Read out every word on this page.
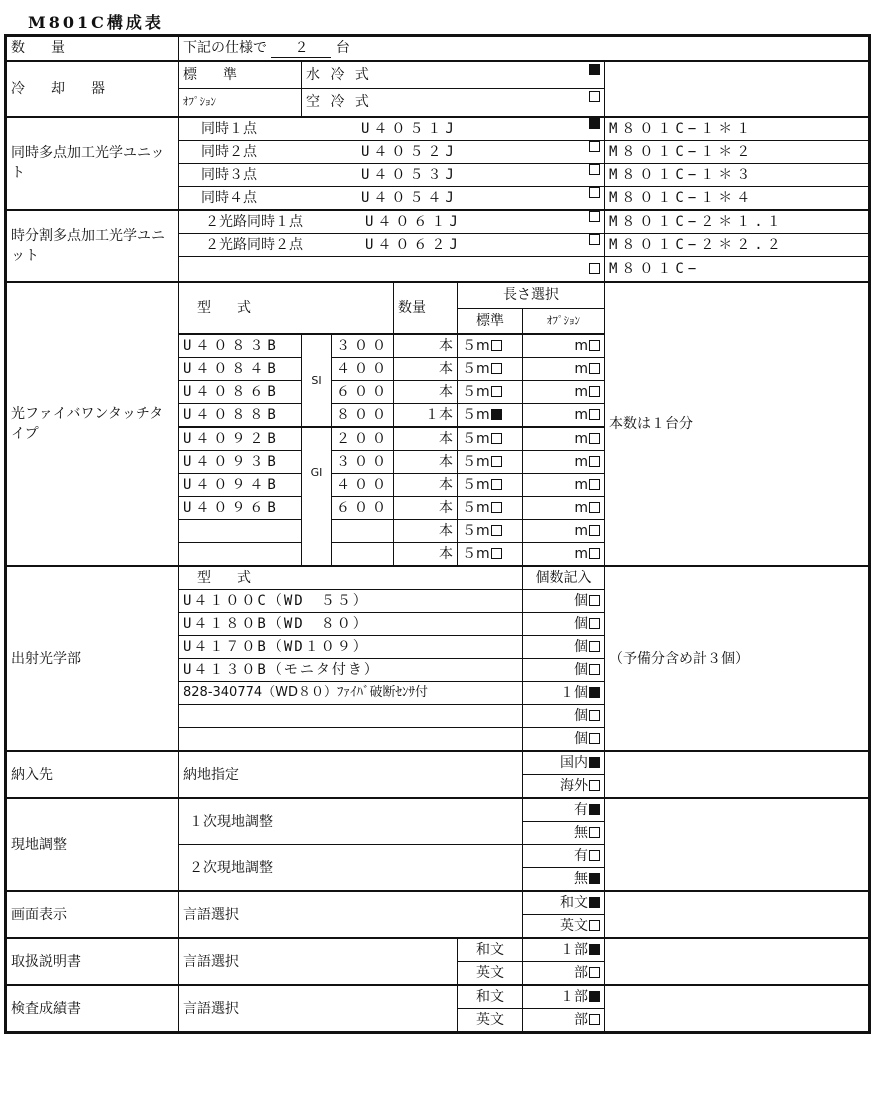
M801C構成表
数　量	下記の仕様で ２ 台						
冷　却　器	標　準	水 冷 式				

	ｵﾌﾟｼｮﾝ	空 冷 式					

同時多点加工光学ユニット	同時１点 U４０５１J						M８０１C−１＊１
	同時２点 U４０５２J						M８０１C−１＊２
	同時３点 U４０５３J						M８０１C−１＊３
	同時４点 U４０５４J						M８０１C−１＊４
時分割多点加工光学ユニット	２光路同時１点 U４０６１J						M８０１C−２＊１.１
	２光路同時２点 U４０６２J						M８０１C−２＊２.２

							M８０１C−
光ファイバワンタッチタイプ	型　式			数量	長さ選択		本数は１台分
					標準	ｵﾌﾟｼｮﾝ	
	U４０８３B	SI	３００	本	５m	m	
	U４０８４B		４００	本	５m	m	
	U４０８６B		６００	本	５m	m	
	U４０８８B		８００	１本	５m	m	
	U４０９２B	GI	２００	本	５m	m	
	U４０９３B		３００	本	５m	m	
	U４０９４B		４００	本	５m	m	
	U４０９６B		６００	本	５m	m	
				本	５m	m	
				本	５m	m	
出射光学部	型　式					個数記入	（予備分含め計３個）
	U４１００C（WD　５５）					個	
	U４１８０B（WD　８０）					個	
	U４１７０B（WD１０９）					個	
	U４１３０B（モニタ付き）					個	
	828-340774（WD８０）ﾌｧｲﾊﾞ破断ｾﾝｻ付					１個	
						個	
						個	
納入先	納地指定					国内	
						海外	
現地調整	１次現地調整					有	
						無	
	２次現地調整					有	
						無	
画面表示	言語選択					和文	
						英文	
取扱説明書	言語選択				和文	１部	
					英文	部	
検査成績書	言語選択				和文	１部	
					英文	部	
